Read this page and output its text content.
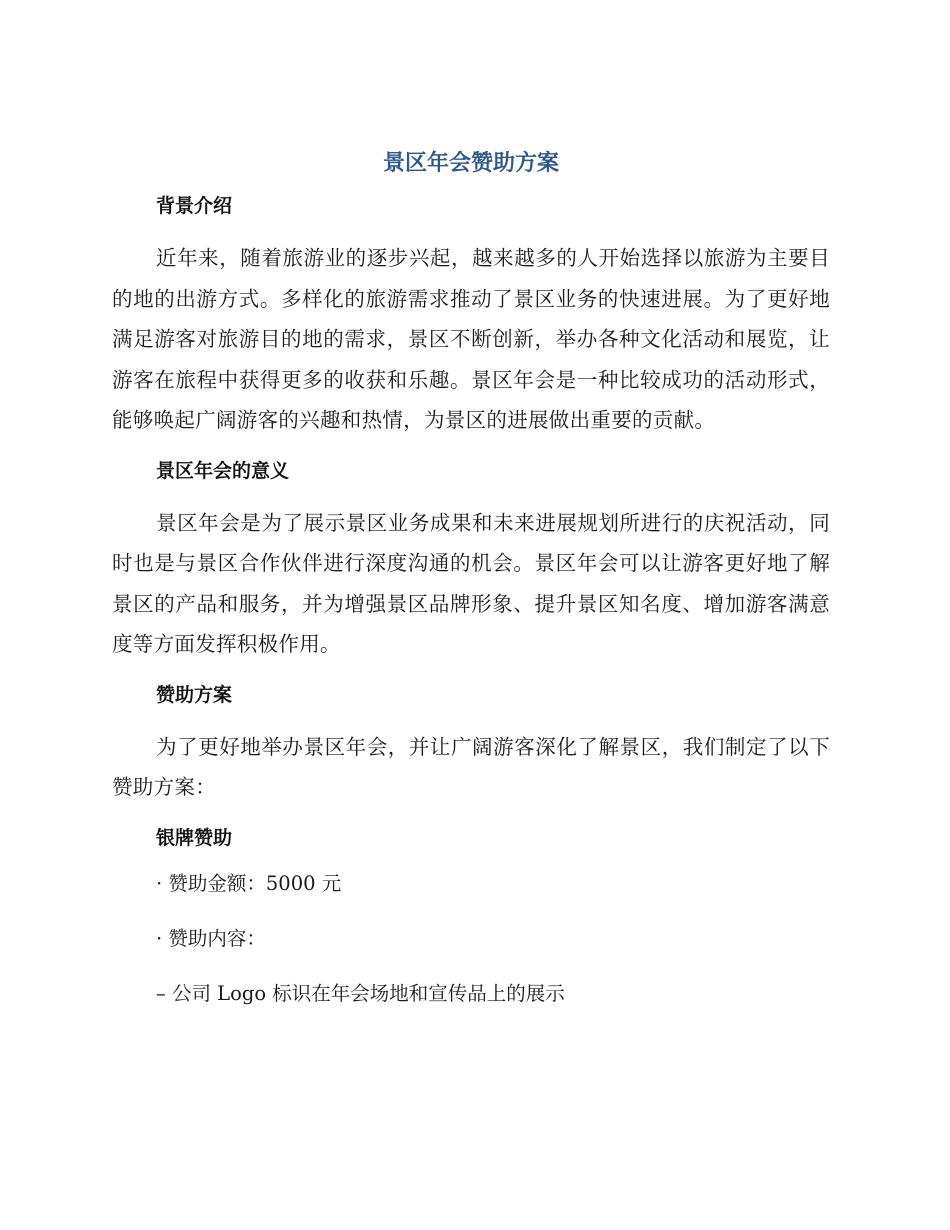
景区年会赞助方案
背景介绍

近年来，随着旅游业的逐步兴起，越来越多的人开始选择以旅游为主要目的地的出游方式。多样化的旅游需求推动了景区业务的快速进展。为了更好地满足游客对旅游目的地的需求，景区不断创新，举办各种文化活动和展览，让游客在旅程中获得更多的收获和乐趣。景区年会是一种比较成功的活动形式，能够唤起广阔游客的兴趣和热情，为景区的进展做出重要的贡献。

景区年会的意义

景区年会是为了展示景区业务成果和未来进展规划所进行的庆祝活动，同时也是与景区合作伙伴进行深度沟通的机会。景区年会可以让游客更好地了解景区的产品和服务，并为增强景区品牌形象、提升景区知名度、增加游客满意度等方面发挥积极作用。

赞助方案

为了更好地举办景区年会，并让广阔游客深化了解景区，我们制定了以下赞助方案：

银牌赞助
· 赞助金额：5000 元
· 赞助内容：
– 公司 Logo 标识在年会场地和宣传品上的展示
